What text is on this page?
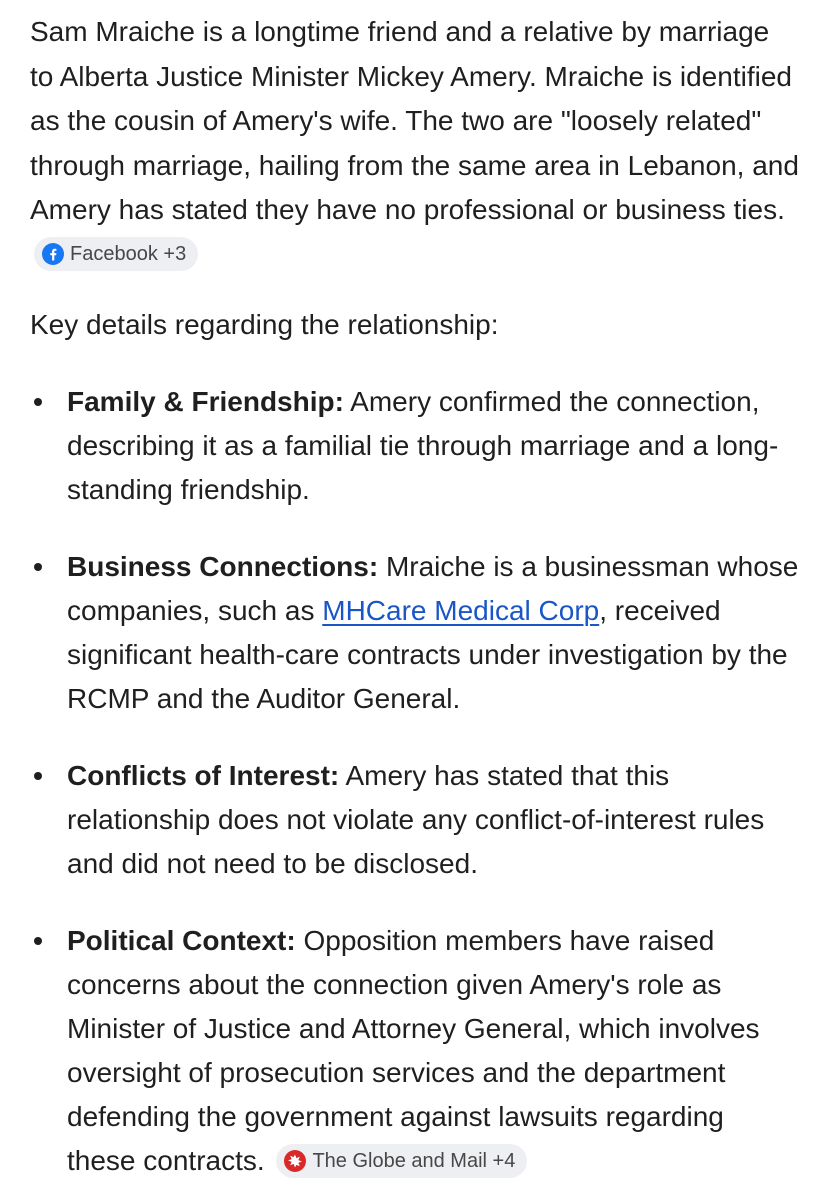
Sam Mraiche is a longtime friend and a relative by marriage to Alberta Justice Minister Mickey Amery. Mraiche is identified as the cousin of Amery's wife. The two are "loosely related" through marriage, hailing from the same area in Lebanon, and Amery has stated they have no professional or business ties.
Facebook +3

Key details regarding the relationship:

Family & Friendship: Amery confirmed the connection, describing it as a familial tie through marriage and a long-standing friendship.
Business Connections: Mraiche is a businessman whose companies, such as MHCare Medical Corp, received significant health-care contracts under investigation by the RCMP and the Auditor General.
Conflicts of Interest: Amery has stated that this relationship does not violate any conflict-of-interest rules and did not need to be disclosed.
Political Context: Opposition members have raised concerns about the connection given Amery's role as Minister of Justice and Attorney General, which involves oversight of prosecution services and the department defending the government against lawsuits regarding these contracts. The Globe and Mail +4
